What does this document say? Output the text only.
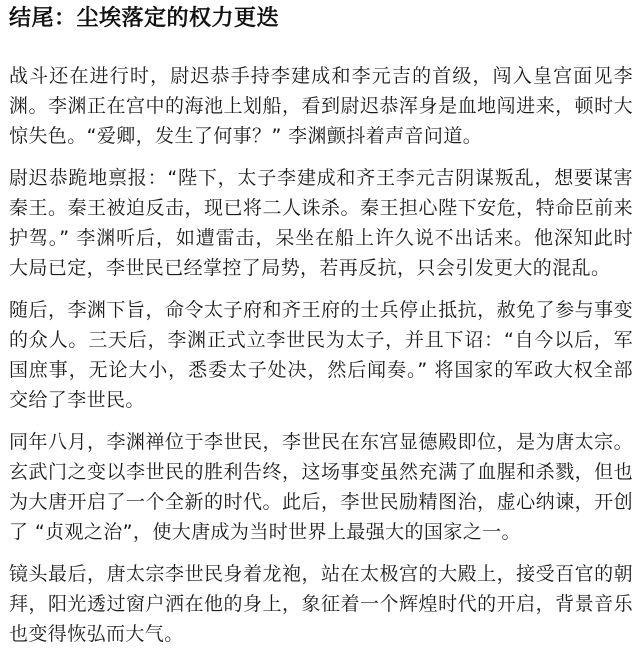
结尾：尘埃落定的权力更迭

战斗还在进行时，尉迟恭手持李建成和李元吉的首级，闯入皇宫面见李渊。李渊正在宫中的海池上划船，看到尉迟恭浑身是血地闯进来，顿时大惊失色。“爱卿，发生了何事？” 李渊颤抖着声音问道。

尉迟恭跪地禀报：“陛下，太子李建成和齐王李元吉阴谋叛乱，想要谋害秦王。秦王被迫反击，现已将二人诛杀。秦王担心陛下安危，特命臣前来护驾。” 李渊听后，如遭雷击，呆坐在船上许久说不出话来。他深知此时大局已定，李世民已经掌控了局势，若再反抗，只会引发更大的混乱。

随后，李渊下旨，命令太子府和齐王府的士兵停止抵抗，赦免了参与事变的众人。三天后，李渊正式立李世民为太子，并且下诏：“自今以后，军国庶事，无论大小，悉委太子处决，然后闻奏。” 将国家的军政大权全部交给了李世民。

同年八月，李渊禅位于李世民，李世民在东宫显德殿即位，是为唐太宗。玄武门之变以李世民的胜利告终，这场事变虽然充满了血腥和杀戮，但也为大唐开启了一个全新的时代。此后，李世民励精图治，虚心纳谏，开创了 “贞观之治”，使大唐成为当时世界上最强大的国家之一。

镜头最后，唐太宗李世民身着龙袍，站在太极宫的大殿上，接受百官的朝拜，阳光透过窗户洒在他的身上，象征着一个辉煌时代的开启，背景音乐也变得恢弘而大气。
